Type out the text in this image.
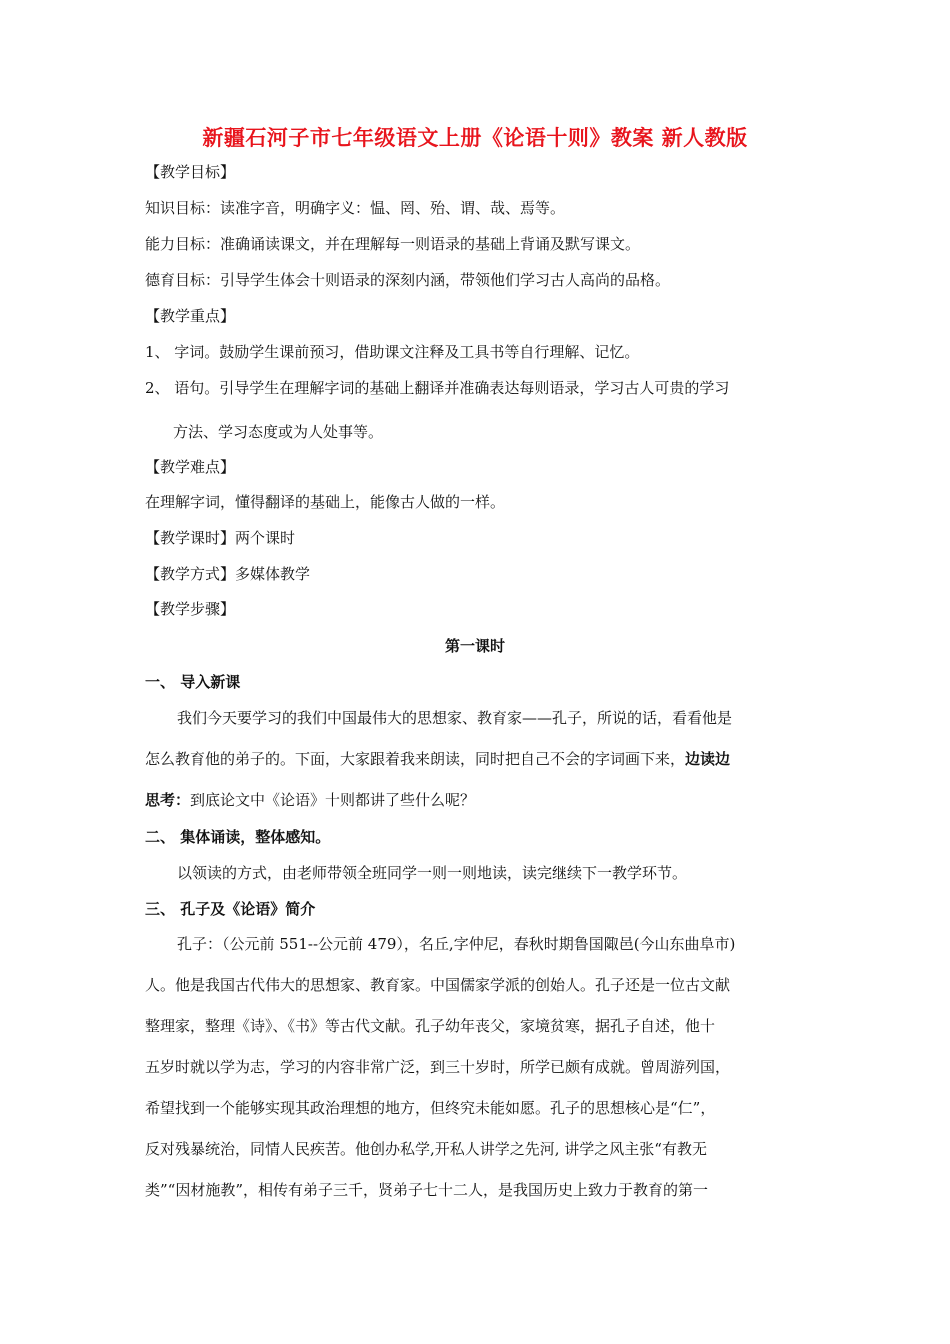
新疆石河子市七年级语文上册《论语十则》教案 新人教版
【教学目标】
知识目标：读准字音，明确字义：愠、罔、殆、谓、哉、焉等。
能力目标：准确诵读课文，并在理解每一则语录的基础上背诵及默写课文。
德育目标：引导学生体会十则语录的深刻内涵，带领他们学习古人高尚的品格。
【教学重点】
1、 字词。鼓励学生课前预习，借助课文注释及工具书等自行理解、记忆。
2、 语句。引导学生在理解字词的基础上翻译并准确表达每则语录，学习古人可贵的学习
方法、学习态度或为人处事等。
【教学难点】
在理解字词，懂得翻译的基础上，能像古人做的一样。
【教学课时】两个课时
【教学方式】多媒体教学
【教学步骤】
第一课时
一、 导入新课
我们今天要学习的我们中国最伟大的思想家、教育家——孔子，所说的话，看看他是
怎么教育他的弟子的。下面，大家跟着我来朗读，同时把自己不会的字词画下来，边读边
思考：到底论文中《论语》十则都讲了些什么呢？
二、 集体诵读，整体感知。
以领读的方式，由老师带领全班同学一则一则地读，读完继续下一教学环节。
三、 孔子及《论语》简介
孔子：（公元前 551--公元前 479），名丘,字仲尼，春秋时期鲁国陬邑(今山东曲阜市)
人。他是我国古代伟大的思想家、教育家。中国儒家学派的创始人。孔子还是一位古文献
整理家，整理《诗》、《书》等古代文献。孔子幼年丧父，家境贫寒，据孔子自述，他十
五岁时就以学为志，学习的内容非常广泛，到三十岁时，所学已颇有成就。曾周游列国，
希望找到一个能够实现其政治理想的地方，但终究未能如愿。孔子的思想核心是“仁”，
反对残暴统治，同情人民疾苦。他创办私学,开私人讲学之先河, 讲学之风主张“有教无
类”“因材施教”，相传有弟子三千，贤弟子七十二人，是我国历史上致力于教育的第一
